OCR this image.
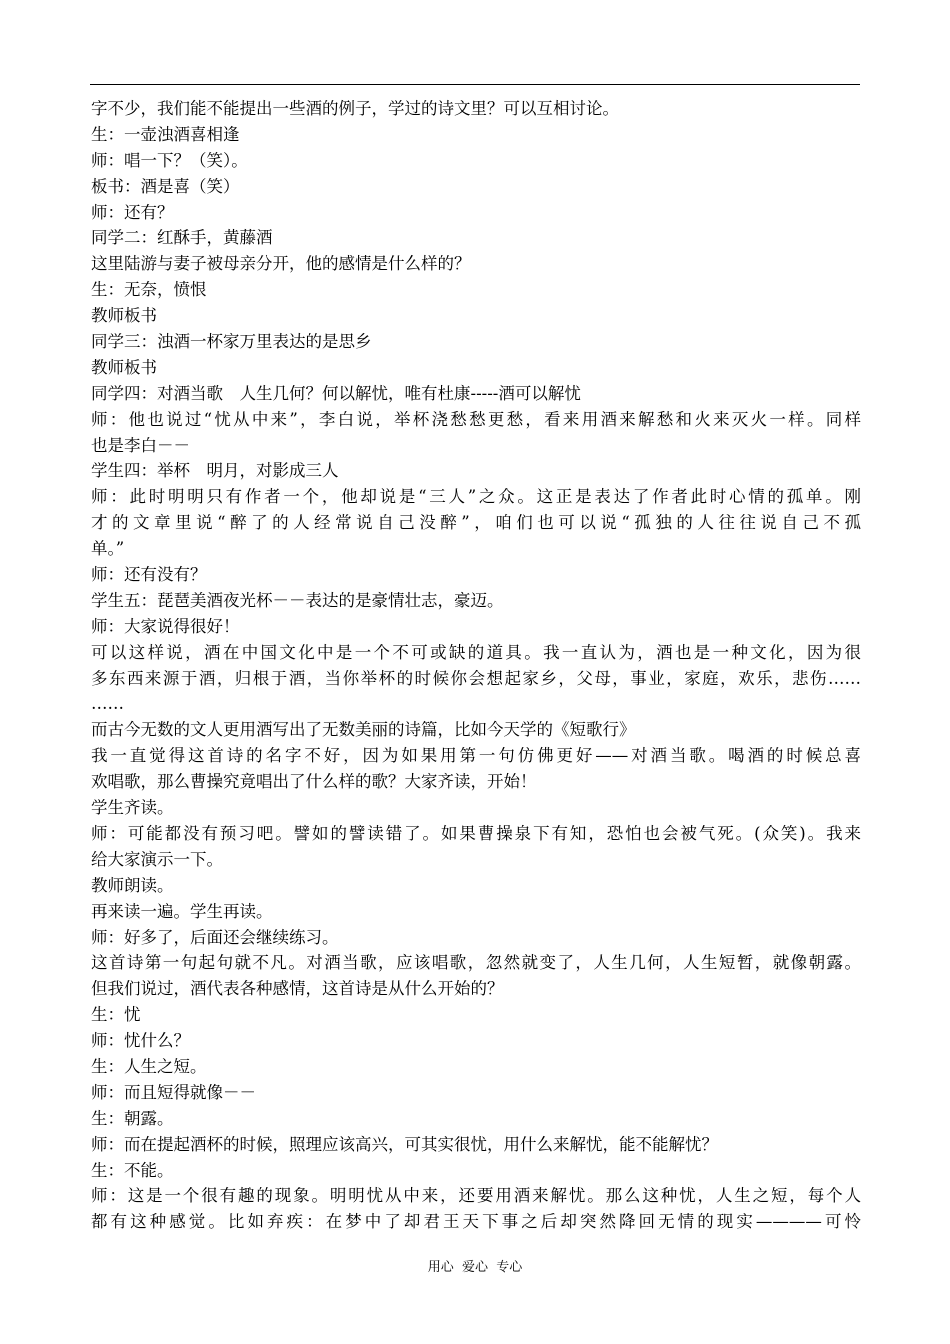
字不少，我们能不能提出一些酒的例子，学过的诗文里？可以互相讨论。
生：一壶浊酒喜相逢
师：唱一下？（笑）。
板书：酒是喜（笑）
师：还有？
同学二：红酥手，黄藤酒
这里陆游与妻子被母亲分开，他的感情是什么样的？
生：无奈，愤恨
教师板书
同学三：浊酒一杯家万里表达的是思乡
教师板书
同学四：对酒当歌　人生几何？何以解忧，唯有杜康-----酒可以解忧
师：他也说过“忧从中来”，李白说，举杯浇愁愁更愁，看来用酒来解愁和火来灭火一样。同样
也是李白－－
学生四：举杯　明月，对影成三人
师：此时明明只有作者一个，他却说是“三人”之众。这正是表达了作者此时心情的孤单。刚
才的文章里说“醉了的人经常说自己没醉”，咱们也可以说“孤独的人往往说自己不孤
单。”
师：还有没有？
学生五：琵琶美酒夜光杯－－表达的是豪情壮志，豪迈。
师：大家说得很好！
可以这样说，酒在中国文化中是一个不可或缺的道具。我一直认为，酒也是一种文化，因为很
多东西来源于酒，归根于酒，当你举杯的时候你会想起家乡，父母，事业，家庭，欢乐，悲伤……
……
而古今无数的文人更用酒写出了无数美丽的诗篇，比如今天学的《短歌行》
我一直觉得这首诗的名字不好，因为如果用第一句仿佛更好——对酒当歌。喝酒的时候总喜
欢唱歌，那么曹操究竟唱出了什么样的歌？大家齐读，开始！
学生齐读。
师：可能都没有预习吧。譬如的譬读错了。如果曹操泉下有知，恐怕也会被气死。(众笑)。我来
给大家演示一下。
教师朗读。
再来读一遍。学生再读。
师：好多了，后面还会继续练习。
这首诗第一句起句就不凡。对酒当歌，应该唱歌，忽然就变了，人生几何，人生短暂，就像朝露。
但我们说过，酒代表各种感情，这首诗是从什么开始的？
生：忧
师：忧什么？
生：人生之短。
师：而且短得就像－－
生：朝露。
师：而在提起酒杯的时候，照理应该高兴，可其实很忧，用什么来解忧，能不能解忧？
生：不能。
师：这是一个很有趣的现象。明明忧从中来，还要用酒来解忧。那么这种忧，人生之短，每个人
都有这种感觉。比如弃疾：在梦中了却君王天下事之后却突然降回无情的现实————可怜
用心  爱心  专心
